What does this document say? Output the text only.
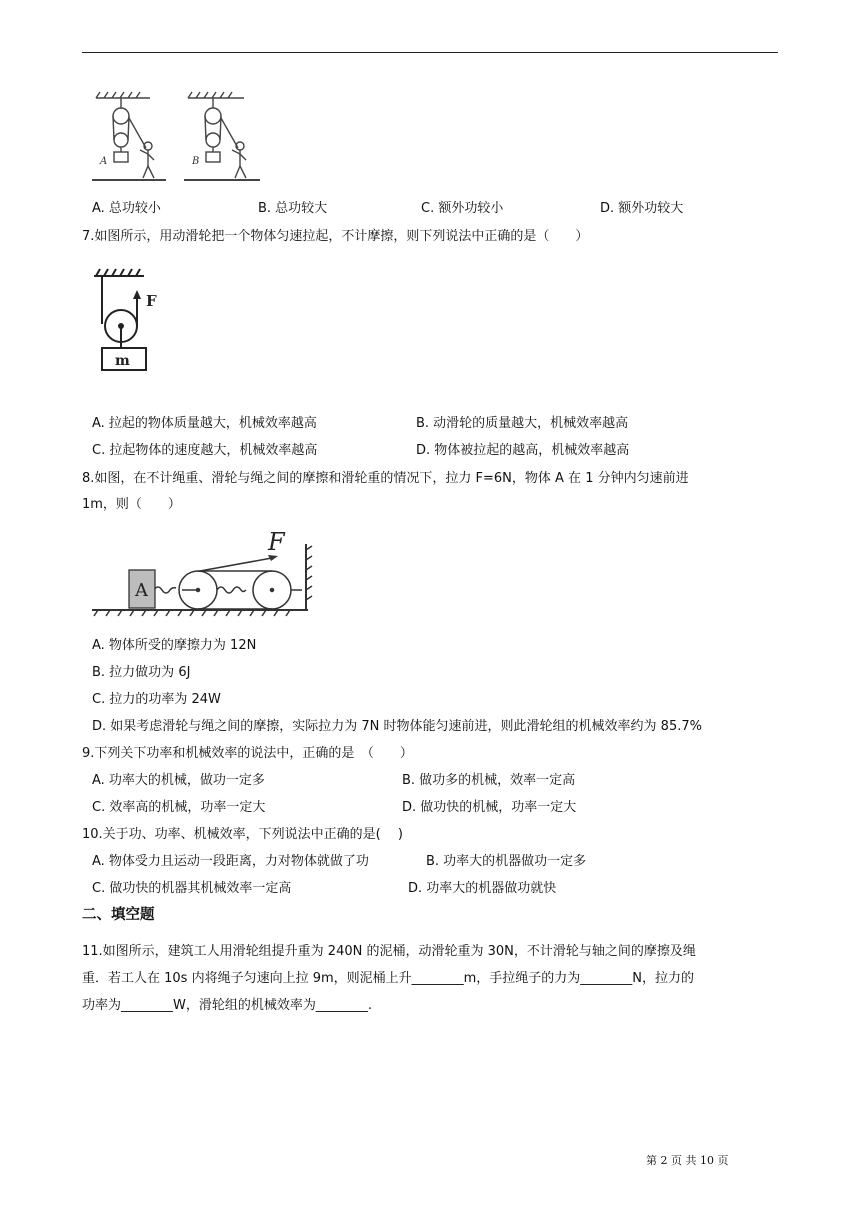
A	B
A. 总功较小	B. 总功较大	C. 额外功较小	D. 额外功较大
7.如图所示，用动滑轮把一个物体匀速拉起，不计摩擦，则下列说法中正确的是（　　）
F
m
A. 拉起的物体质量越大，机械效率越高	B. 动滑轮的质量越大，机械效率越高
C. 拉起物体的速度越大，机械效率越高	D. 物体被拉起的越高，机械效率越高
8.如图，在不计绳重、滑轮与绳之间的摩擦和滑轮重的情况下，拉力 F=6N，物体 A 在 1 分钟内匀速前进
1m，则（　　）
A
F
A. 物体所受的摩擦力为 12N
B. 拉力做功为 6J
C. 拉力的功率为 24W
D. 如果考虑滑轮与绳之间的摩擦，实际拉力为 7N 时物体能匀速前进，则此滑轮组的机械效率约为 85.7%
9.下列关下功率和机械效率的说法中，正确的是　（　　）
A. 功率大的机械，做功一定多	B. 做功多的机械，效率一定高
C. 效率高的机械，功率一定大	D. 做功快的机械，功率一定大
10.关于功、功率、机械效率，下列说法中正确的是(　 )
A. 物体受力且运动一段距离，力对物体就做了功	B. 功率大的机器做功一定多
C. 做功快的机器其机械效率一定高	D. 功率大的机器做功就快
二、填空题
11.如图所示，建筑工人用滑轮组提升重为 240N 的泥桶，动滑轮重为 30N，不计滑轮与轴之间的摩擦及绳
重．若工人在 10s 内将绳子匀速向上拉 9m，则泥桶上升________m，手拉绳子的力为________N，拉力的
功率为________W，滑轮组的机械效率为________.
第 2 页 共 10 页
